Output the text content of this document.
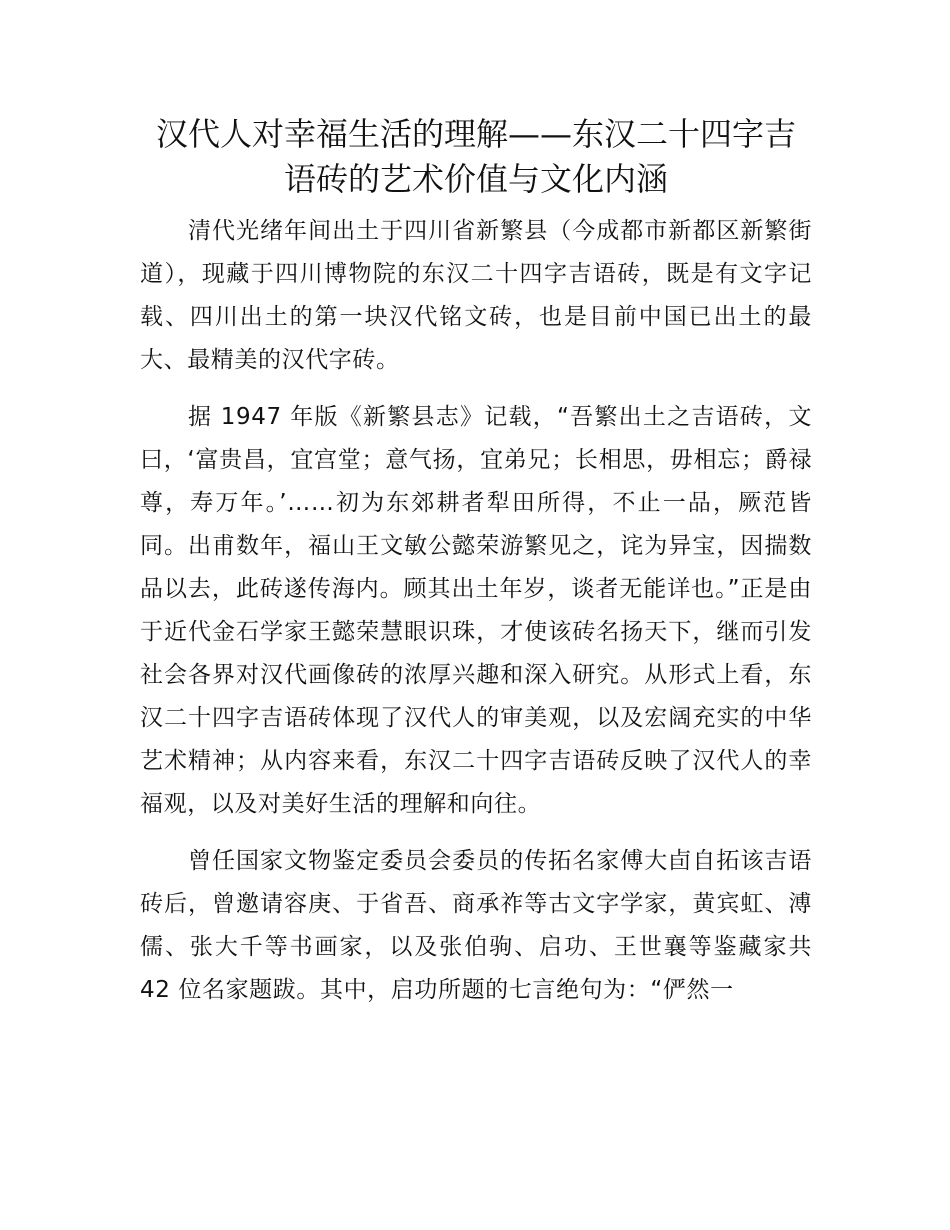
汉代人对幸福生活的理解——东汉二十四字吉
语砖的艺术价值与文化内涵

清代光绪年间出土于四川省新繁县（今成都市新都区新繁街道），现藏于四川博物院的东汉二十四字吉语砖，既是有文字记载、四川出土的第一块汉代铭文砖，也是目前中国已出土的最大、最精美的汉代字砖。

据 1947 年版《新繁县志》记载，“吾繁出土之吉语砖，文曰，‘富贵昌，宜宫堂；意气扬，宜弟兄；长相思，毋相忘；爵禄尊，寿万年。’……初为东郊耕者犁田所得，不止一品，厥范皆同。出甫数年，福山王文敏公懿荣游繁见之，诧为异宝，因揣数品以去，此砖遂传海内。顾其出土年岁，谈者无能详也。”正是由于近代金石学家王懿荣慧眼识珠，才使该砖名扬天下，继而引发社会各界对汉代画像砖的浓厚兴趣和深入研究。从形式上看，东汉二十四字吉语砖体现了汉代人的审美观，以及宏阔充实的中华艺术精神；从内容来看，东汉二十四字吉语砖反映了汉代人的幸福观，以及对美好生活的理解和向往。

曾任国家文物鉴定委员会委员的传拓名家傅大卣自拓该吉语砖后，曾邀请容庚、于省吾、商承祚等古文字学家，黄宾虹、溥儒、张大千等书画家，以及张伯驹、启功、王世襄等鉴藏家共 42 位名家题跋。其中，启功所题的七言绝句为：“俨然一
